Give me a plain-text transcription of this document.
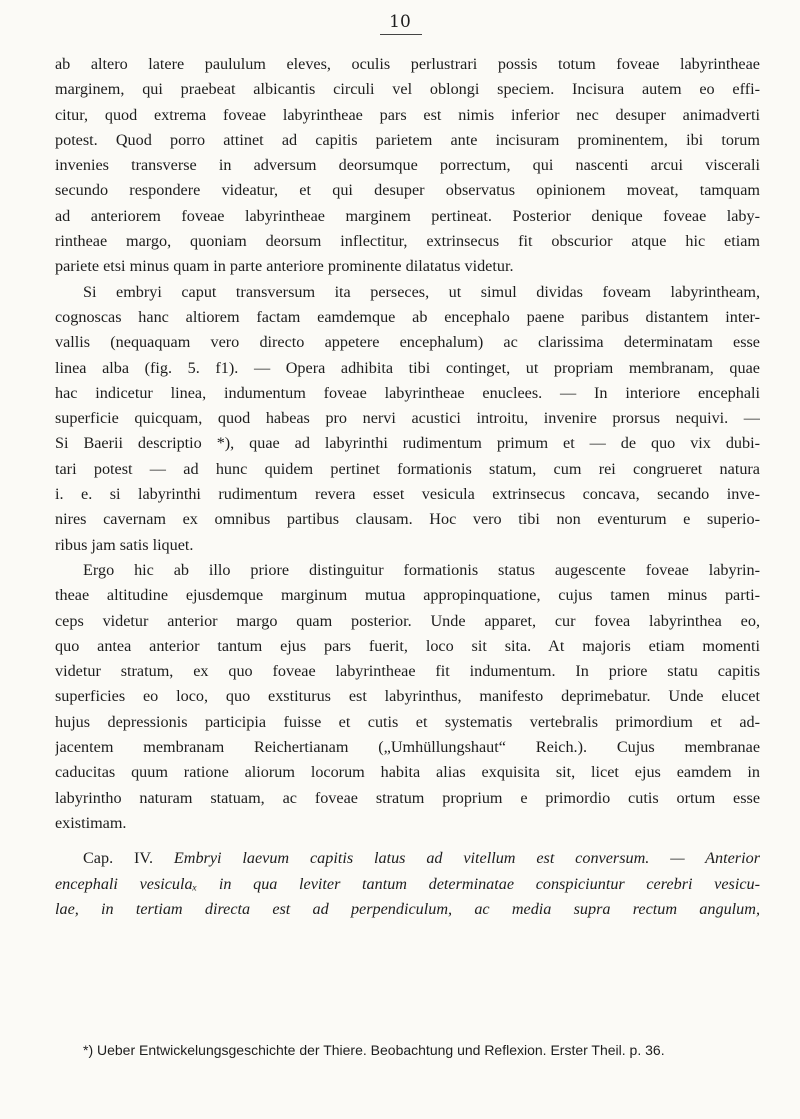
10
ab altero latere paululum eleves, oculis perlustrari possis totum foveae labyrintheae
marginem, qui praebeat albicantis circuli vel oblongi speciem. Incisura autem eo effi-
citur, quod extrema foveae labyrintheae pars est nimis inferior nec desuper animadverti
potest. Quod porro attinet ad capitis parietem ante incisuram prominentem, ibi torum
invenies transverse in adversum deorsumque porrectum, qui nascenti arcui viscerali
secundo respondere videatur, et qui desuper observatus opinionem moveat, tamquam
ad anteriorem foveae labyrintheae marginem pertineat. Posterior denique foveae laby-
rintheae margo, quoniam deorsum inflectitur, extrinsecus fit obscurior atque hic etiam
pariete etsi minus quam in parte anteriore prominente dilatatus videtur.
Si embryi caput transversum ita perseces, ut simul dividas foveam labyrintheam,
cognoscas hanc altiorem factam eamdemque ab encephalo paene paribus distantem inter-
vallis (nequaquam vero directo appetere encephalum) ac clarissima determinatam esse
linea alba (fig. 5. f1). — Opera adhibita tibi continget, ut propriam membranam, quae
hac indicetur linea, indumentum foveae labyrintheae enuclees. — In interiore encephali
superficie quicquam, quod habeas pro nervi acustici introitu, invenire prorsus nequivi. —
Si Baerii descriptio *), quae ad labyrinthi rudimentum primum et — de quo vix dubi-
tari potest — ad hunc quidem pertinet formationis statum, cum rei congrueret natura
i. e. si labyrinthi rudimentum revera esset vesicula extrinsecus concava, secando inve-
nires cavernam ex omnibus partibus clausam. Hoc vero tibi non eventurum e superio-
ribus jam satis liquet.
Ergo hic ab illo priore distinguitur formationis status augescente foveae labyrin-
theae altitudine ejusdemque marginum mutua appropinquatione, cujus tamen minus parti-
ceps videtur anterior margo quam posterior. Unde apparet, cur fovea labyrinthea eo,
quo antea anterior tantum ejus pars fuerit, loco sit sita. At majoris etiam momenti
videtur stratum, ex quo foveae labyrintheae fit indumentum. In priore statu capitis
superficies eo loco, quo exstiturus est labyrinthus, manifesto deprimebatur. Unde elucet
hujus depressionis participia fuisse et cutis et systematis vertebralis primordium et ad-
jacentem membranam Reichertianam („Umhüllungshaut“ Reich.). Cujus membranae
caducitas quum ratione aliorum locorum habita alias exquisita sit, licet ejus eamdem in
labyrintho naturam statuam, ac foveae stratum proprium e primordio cutis ortum esse
existimam.
Cap. IV. Embryi laevum capitis latus ad vitellum est conversum. — Anterior
encephali vesiculaₓ in qua leviter tantum determinatae conspiciuntur cerebri vesicu-
lae, in tertiam directa est ad perpendiculum, ac media supra rectum angulum,
*) Ueber Entwickelungsgeschichte der Thiere. Beobachtung und Reflexion. Erster Theil. p. 36.
